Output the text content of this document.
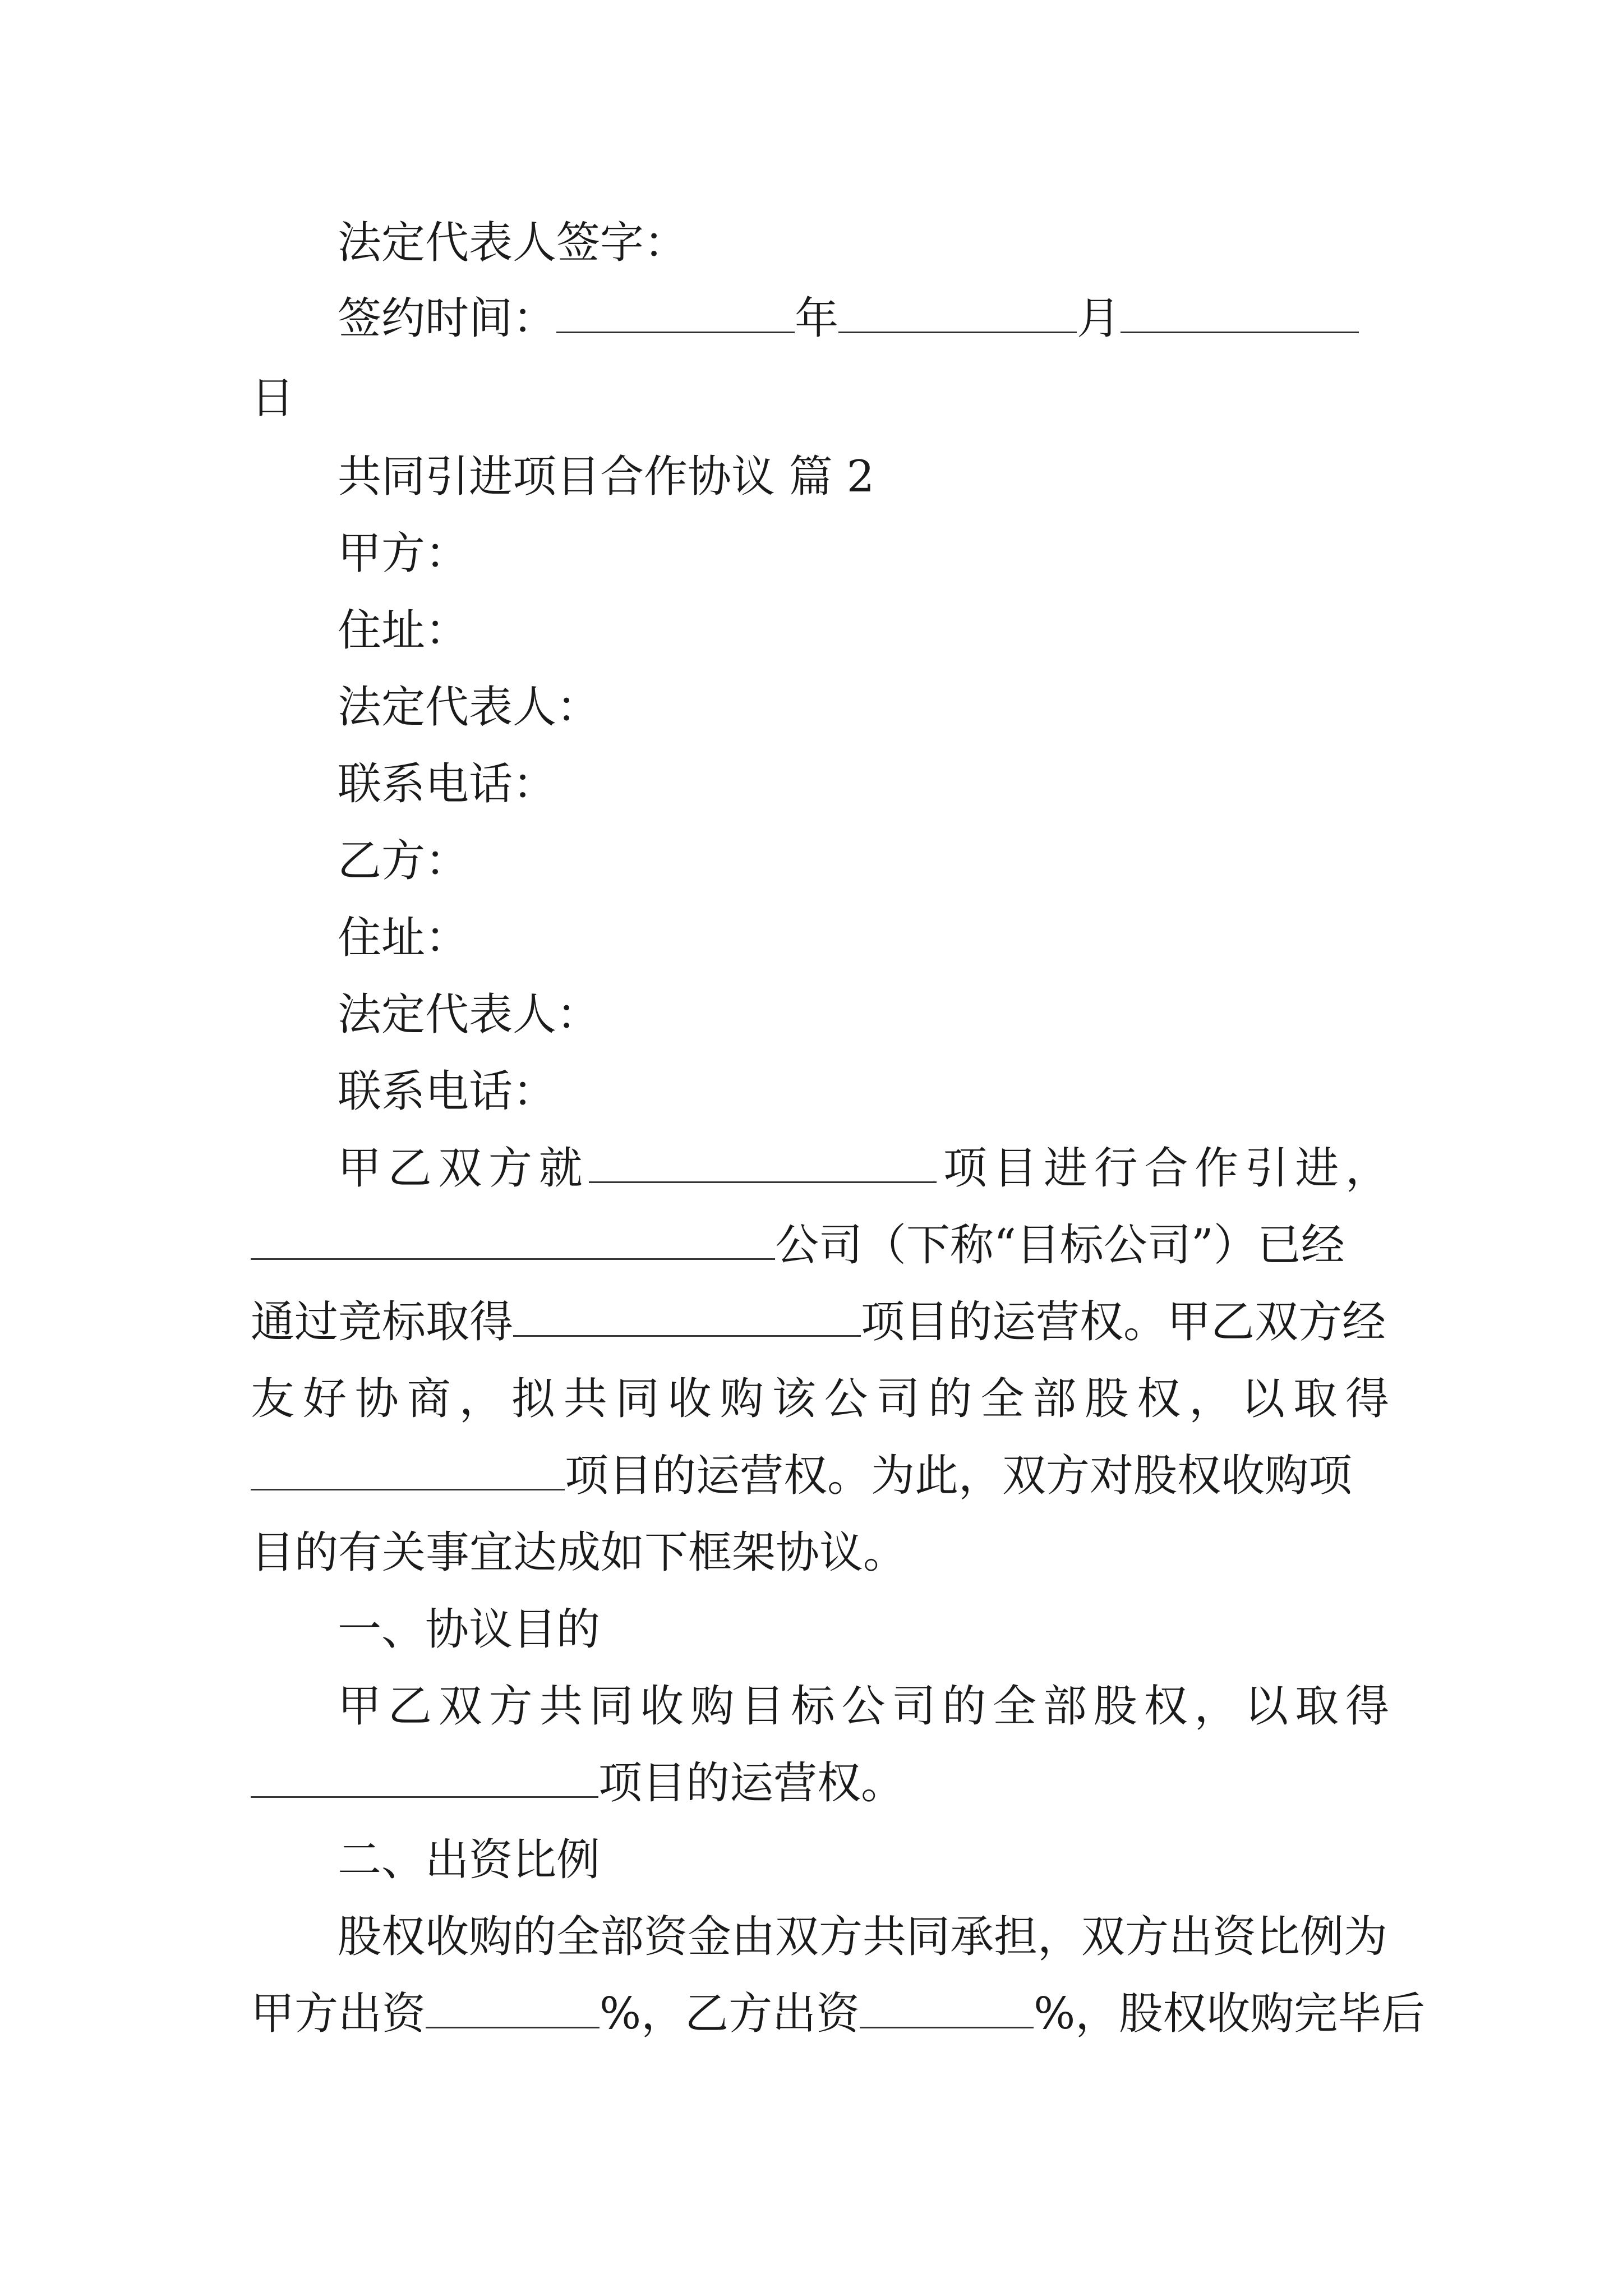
法定代表人签字：
签约时间：	年	月
日
共同引进项目合作协议 篇 2
甲方：
住址：
法定代表人：
联系电话：
乙方：
住址：
法定代表人：
联系电话：
甲乙双方就	项目进行合作引进，
公司（下称“目标公司”）已经
通过竞标取得	项目的运营权。甲乙双方经
友好协商，拟共同收购该公司的全部股权，以取得
项目的运营权。为此，双方对股权收购项
目的有关事宜达成如下框架协议。
一、协议目的
甲乙双方共同收购目标公司的全部股权，以取得
项目的运营权。
二、出资比例
股权收购的全部资金由双方共同承担，双方出资比例为
甲方出资	%，乙方出资	%，股权收购完毕后
